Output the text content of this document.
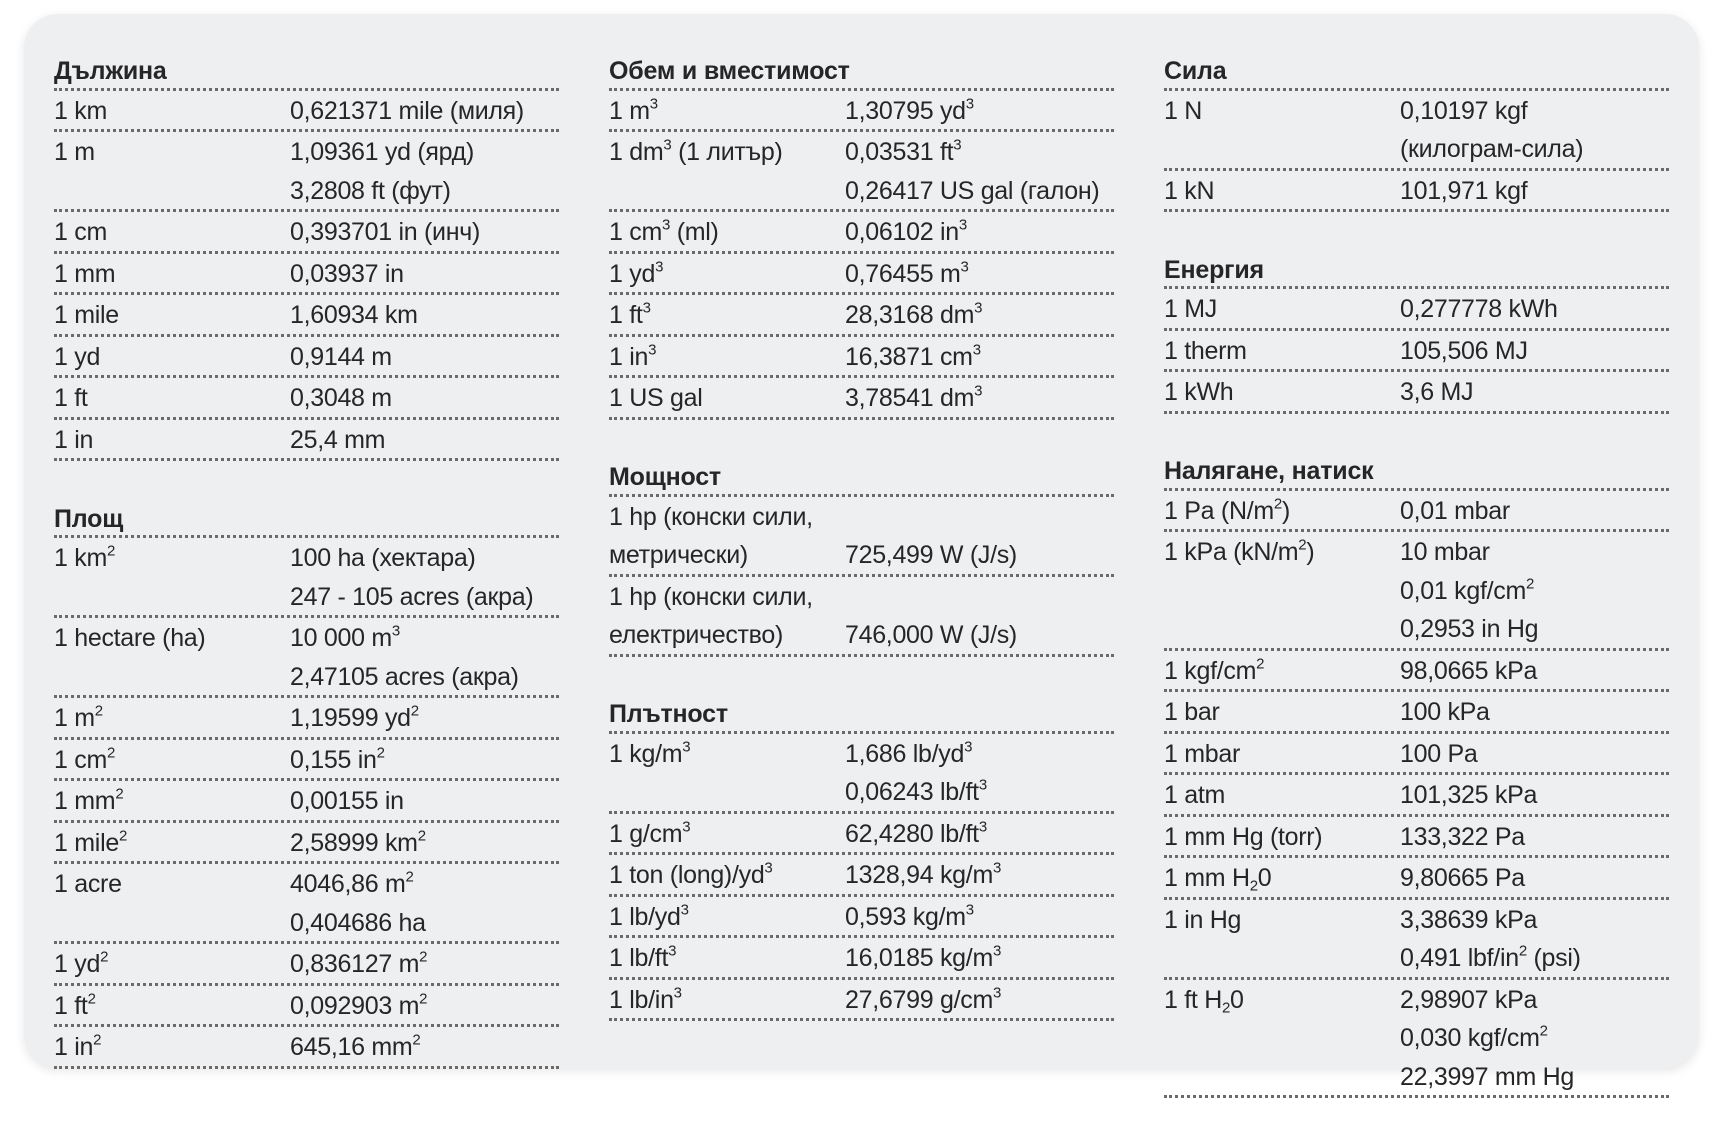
Дължина
1 km	0,621371 mile (миля)
1 m	1,09361 yd (ярд)
3,2808 ft (фут)
1 cm	0,393701 in (инч)
1 mm	0,03937 in
1 mile	1,60934 km
1 yd	0,9144 m
1 ft	0,3048 m
1 in	25,4 mm
Площ
1 $km^2$	100 ha (хектара)
247 - 105 acres (акра)
1 hectare (ha)	10 000 $m^3$
2,47105 acres (акра)
1 $m^2$	1,19599 $yd^2$
1 $cm^2$	0,155 $in^2$
1 $mm^2$	0,00155 in
1 mile$^2$	2,58999 $km^2$
1 acre	4046,86 $m^2$
0,404686 ha
1 $yd^2$	0,836127 $m^2$
1 $ft^2$	0,092903 $m^2$
1 $in^2$	645,16 $mm^2$
Обем и вместимост
1 $m^3$	1,30795 $yd^3$
1 $dm^3$ (1 литър)	0,03531 $ft^3$
0,26417 US gal (галон)
1 $cm^3$ (ml)	0,06102 $in^3$
1 $yd^3$	0,76455 $m^3$
1 $ft^3$	28,3168 $dm^3$
1 $in^3$	16,3871 $cm^3$
1 US gal	3,78541 $dm^3$
Мощност
1 hp (конски сили,
метрически)	725,499 W (J/s)
1 hp (конски сили,
електричество)	746,000 W (J/s)
Плътност
1 $kg/m^3$	1,686 $lb/yd^3$
0,06243 $lb/ft^3$
1 $g/cm^3$	62,4280 $lb/ft^3$
1 ton $(long)/yd^3$	1328,94 $kg/m^3$
1 $lb/yd^3$	0,593 $kg/m^3$
1 $lb/ft^3$	16,0185 $kg/m^3$
1 $lb/in^3$	27,6799 $g/cm^3$
Сила
1 N	0,10197 kgf
(килограм-сила)
1 kN	101,971 kgf
Енергия
1 MJ	0,277778 kWh
1 therm	105,506 MJ
1 kWh	3,6 MJ
Налягане, натиск
1 Pa $(N/m^2)$	0,01 mbar
1 kPa $(kN/m^2)$	10 mbar
0,01 kgf/$cm^2$
0,2953 in Hg
1 kgf/$cm^2$	98,0665 kPa
1 bar	100 kPa
1 mbar	100 Pa
1 atm	101,325 kPa
1 mm Hg (torr)	133,322 Pa
1 mm $H_20$	9,80665 Pa
1 in Hg	3,38639 kPa
0,491 lbf/$in^2$ (psi)
1 ft $H_20$	2,98907 kPa
0,030 kgf/$cm^2$
22,3997 mm Hg
